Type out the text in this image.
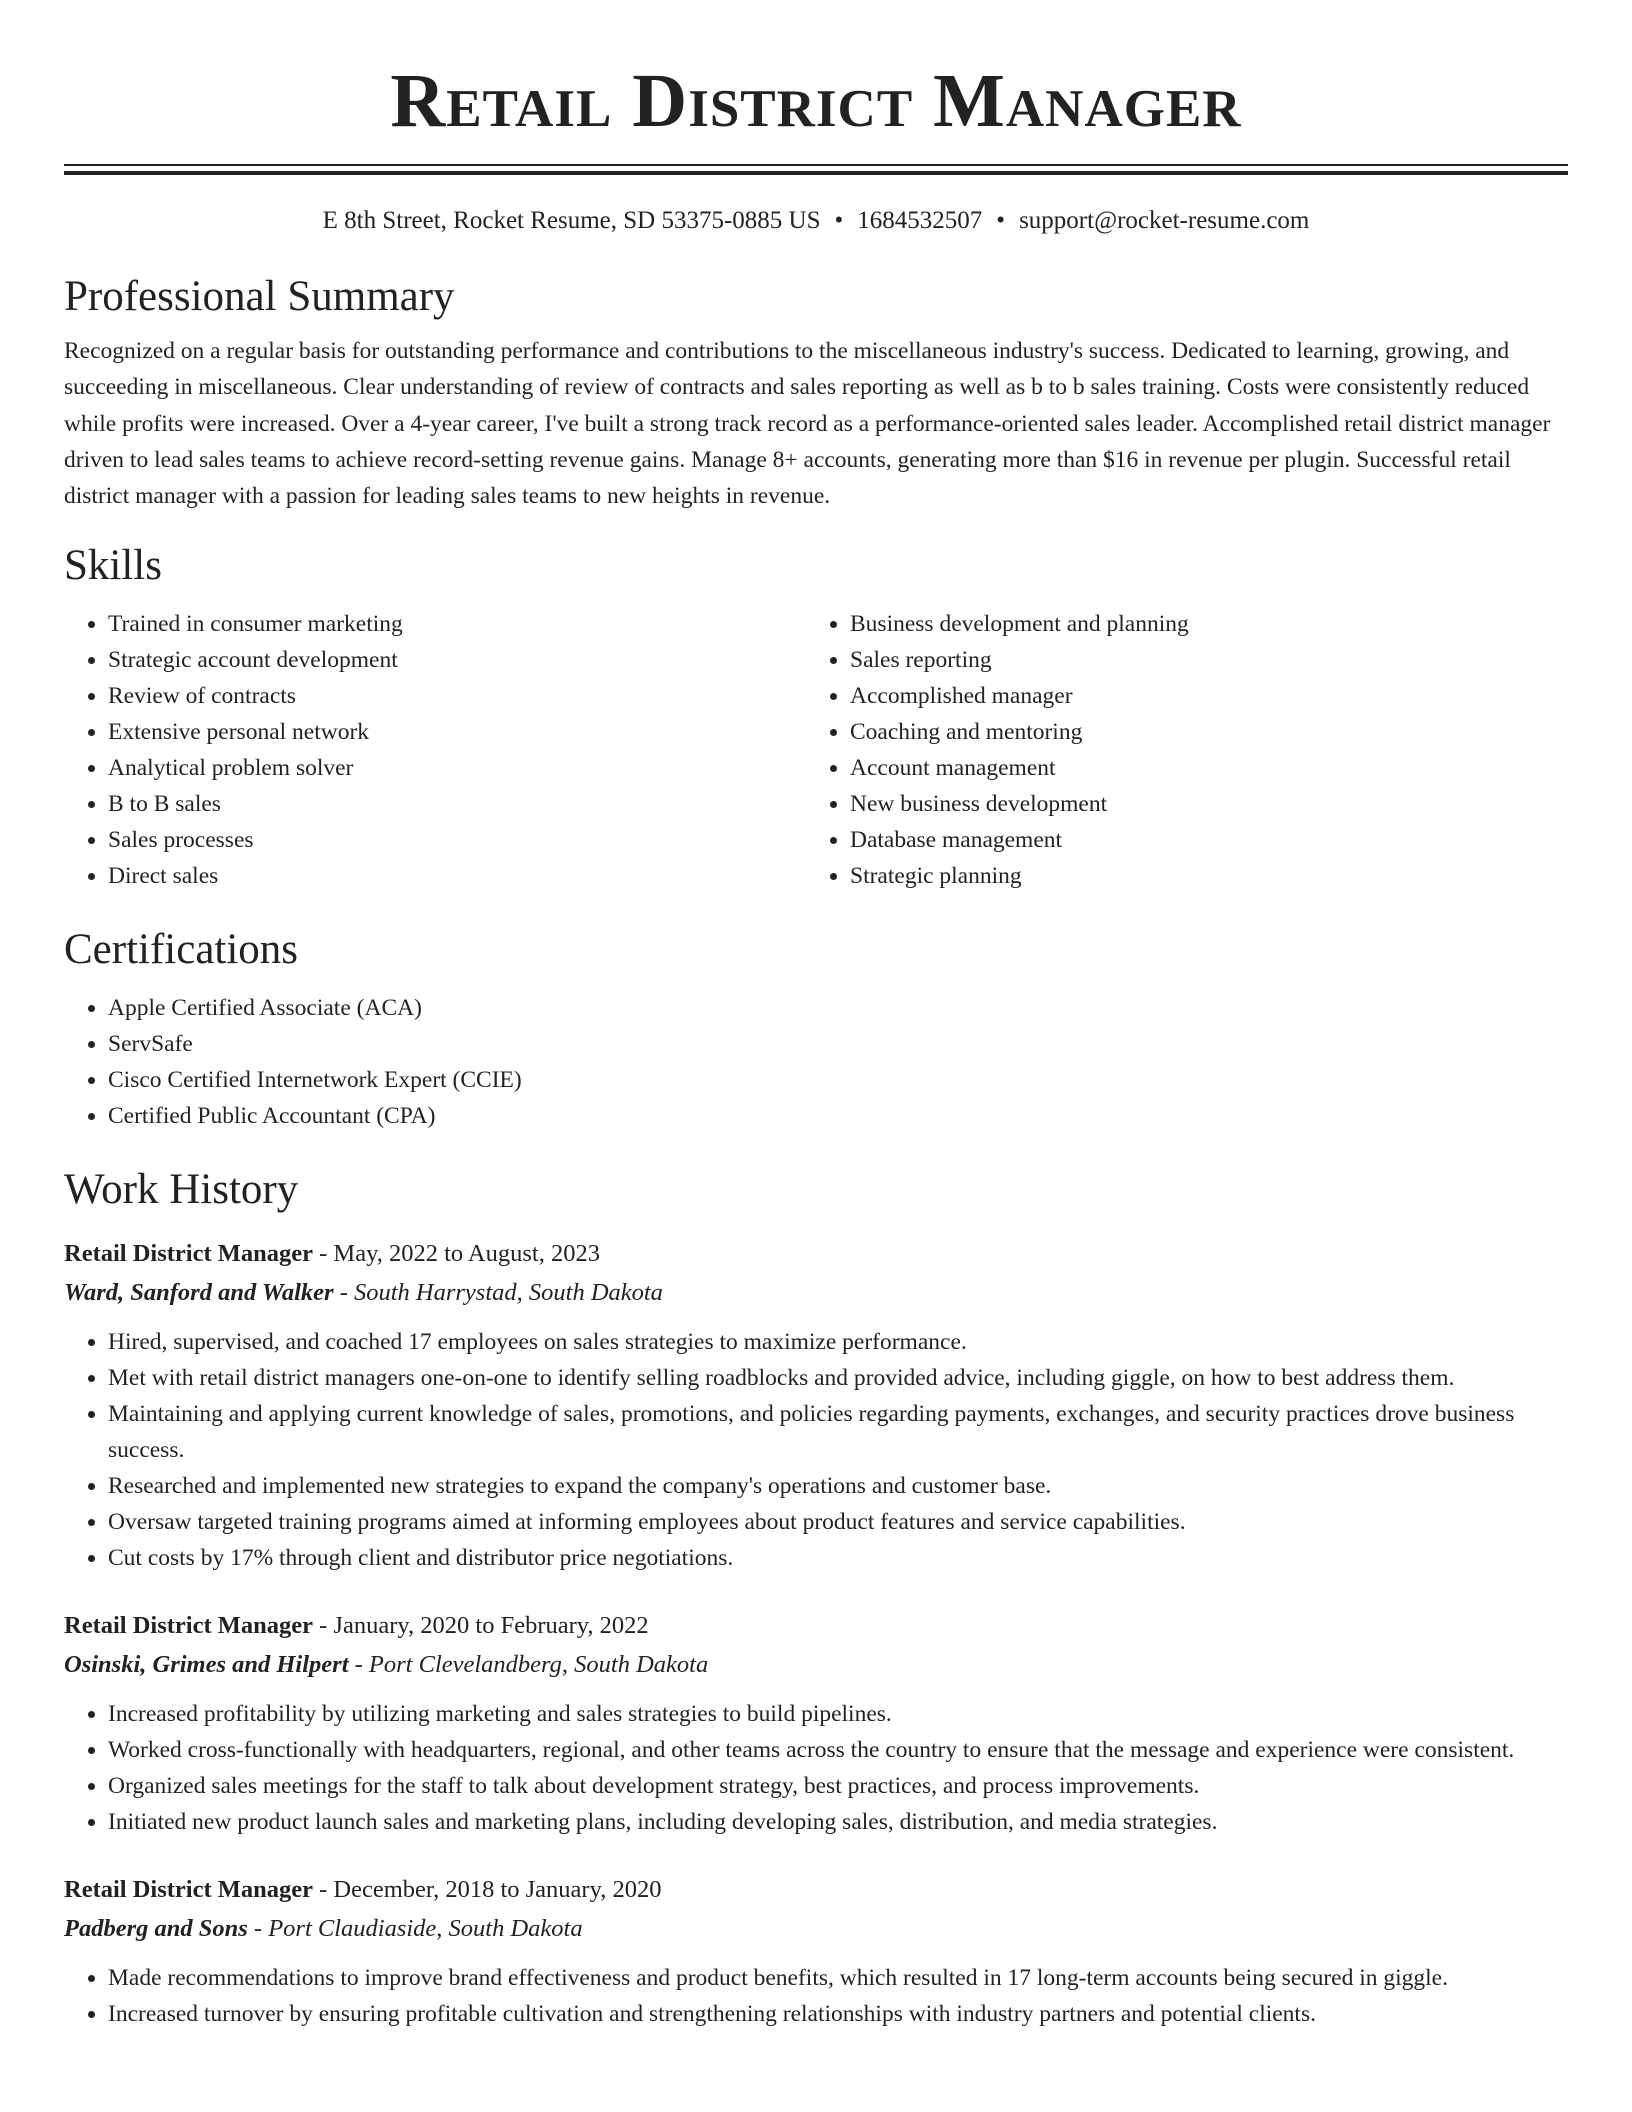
Retail District Manager
E 8th Street, Rocket Resume, SD 53375-0885 US • 1684532507 • support@rocket-resume.com
Professional Summary

Recognized on a regular basis for outstanding performance and contributions to the miscellaneous industry's success. Dedicated to learning, growing, and succeeding in miscellaneous. Clear understanding of review of contracts and sales reporting as well as b to b sales training. Costs were consistently reduced while profits were increased. Over a 4-year career, I've built a strong track record as a performance-oriented sales leader. Accomplished retail district manager driven to lead sales teams to achieve record-setting revenue gains. Manage 8+ accounts, generating more than $16 in revenue per plugin. Successful retail district manager with a passion for leading sales teams to new heights in revenue.

Skills
• Trained in consumer marketing
• Strategic account development
• Review of contracts
• Extensive personal network
• Analytical problem solver
• B to B sales
• Sales processes
• Direct sales
• Business development and planning
• Sales reporting
• Accomplished manager
• Coaching and mentoring
• Account management
• New business development
• Database management
• Strategic planning
Certifications
• Apple Certified Associate (ACA)
• ServSafe
• Cisco Certified Internetwork Expert (CCIE)
• Certified Public Accountant (CPA)
Work History
Retail District Manager - May, 2022 to August, 2023
Ward, Sanford and Walker - South Harrystad, South Dakota
• Hired, supervised, and coached 17 employees on sales strategies to maximize performance.
• Met with retail district managers one-on-one to identify selling roadblocks and provided advice, including giggle, on how to best address them.
• Maintaining and applying current knowledge of sales, promotions, and policies regarding payments, exchanges, and security practices drove business success.
• Researched and implemented new strategies to expand the company's operations and customer base.
• Oversaw targeted training programs aimed at informing employees about product features and service capabilities.
• Cut costs by 17% through client and distributor price negotiations.
Retail District Manager - January, 2020 to February, 2022
Osinski, Grimes and Hilpert - Port Clevelandberg, South Dakota
• Increased profitability by utilizing marketing and sales strategies to build pipelines.
• Worked cross-functionally with headquarters, regional, and other teams across the country to ensure that the message and experience were consistent.
• Organized sales meetings for the staff to talk about development strategy, best practices, and process improvements.
• Initiated new product launch sales and marketing plans, including developing sales, distribution, and media strategies.
Retail District Manager - December, 2018 to January, 2020
Padberg and Sons - Port Claudiaside, South Dakota
• Made recommendations to improve brand effectiveness and product benefits, which resulted in 17 long-term accounts being secured in giggle.
• Increased turnover by ensuring profitable cultivation and strengthening relationships with industry partners and potential clients.
